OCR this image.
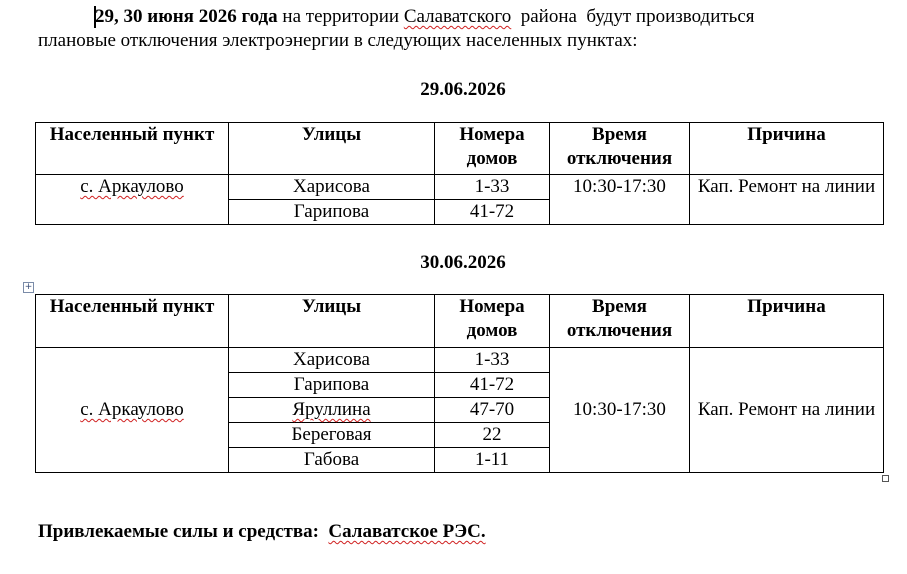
29, 30 июня 2026 года на территории Салаватского  района  будут производиться
плановые отключения электроэнергии в следующих населенных пунктах:
29.06.2026
Населенный пункт	Улицы	Номера домов	Время отключения	Причина
с. Аркаулово	Харисова	1-33	10:30-17:30	Кап. Ремонт на линии
	Гарипова	41-72		
30.06.2026
+
Населенный пункт	Улицы	Номера домов	Время отключения	Причина
с. Аркаулово	Харисова	1-33	10:30-17:30	Кап. Ремонт на линии
	Гарипова	41-72		
	Яруллина	47-70		
	Береговая	22		
	Габова	1-11		
Привлекаемые силы и средства: Салаватское РЭС.
